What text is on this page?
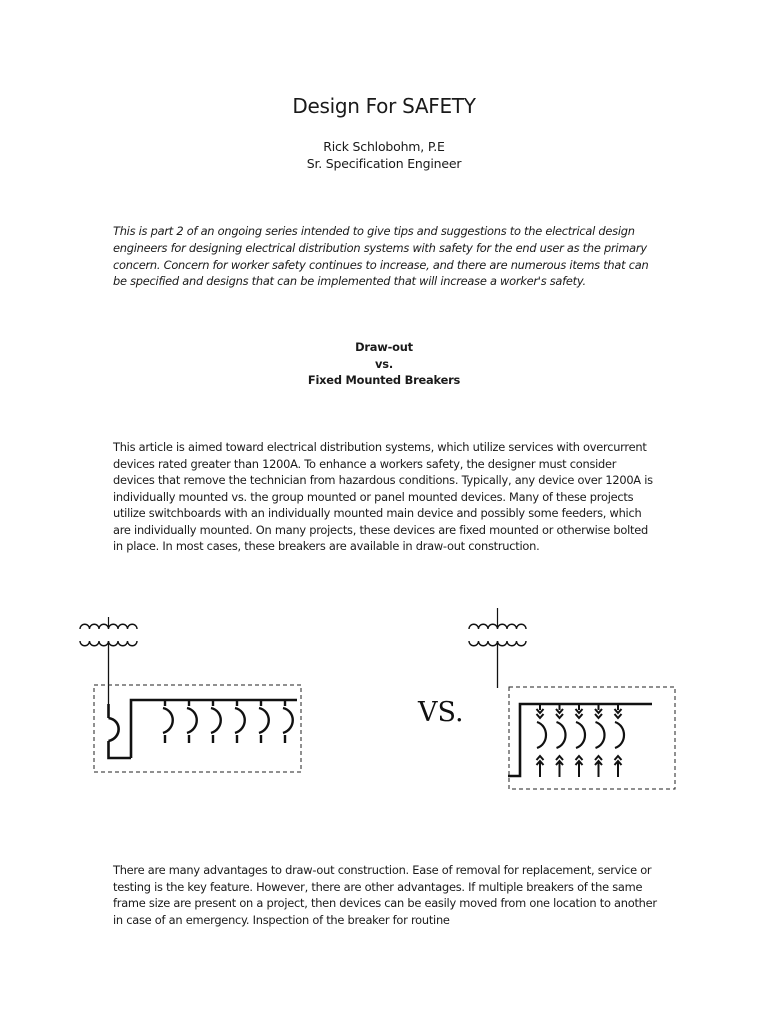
Design For SAFETY
Rick Schlobohm, P.E
Sr. Specification Engineer

This is part 2 of an ongoing series intended to give tips and suggestions to the electrical design engineers for designing electrical distribution systems with safety for the end user as the primary concern. Concern for worker safety continues to increase, and there are numerous items that can be specified and designs that can be implemented that will increase a worker's safety.

Draw-out
vs.
Fixed Mounted Breakers

This article is aimed toward electrical distribution systems, which utilize services with overcurrent devices rated greater than 1200A. To enhance a workers safety, the designer must consider devices that remove the technician from hazardous conditions. Typically, any device over 1200A is individually mounted vs. the group mounted or panel mounted devices. Many of these projects utilize switchboards with an individually mounted main device and possibly some feeders, which are individually mounted. On many projects, these devices are fixed mounted or otherwise bolted in place. In most cases, these breakers are available in draw-out construction.

VS.

There are many advantages to draw-out construction. Ease of removal for replacement, service or testing is the key feature. However, there are other advantages. If multiple breakers of the same frame size are present on a project, then devices can be easily moved from one location to another in case of an emergency. Inspection of the breaker for routine
